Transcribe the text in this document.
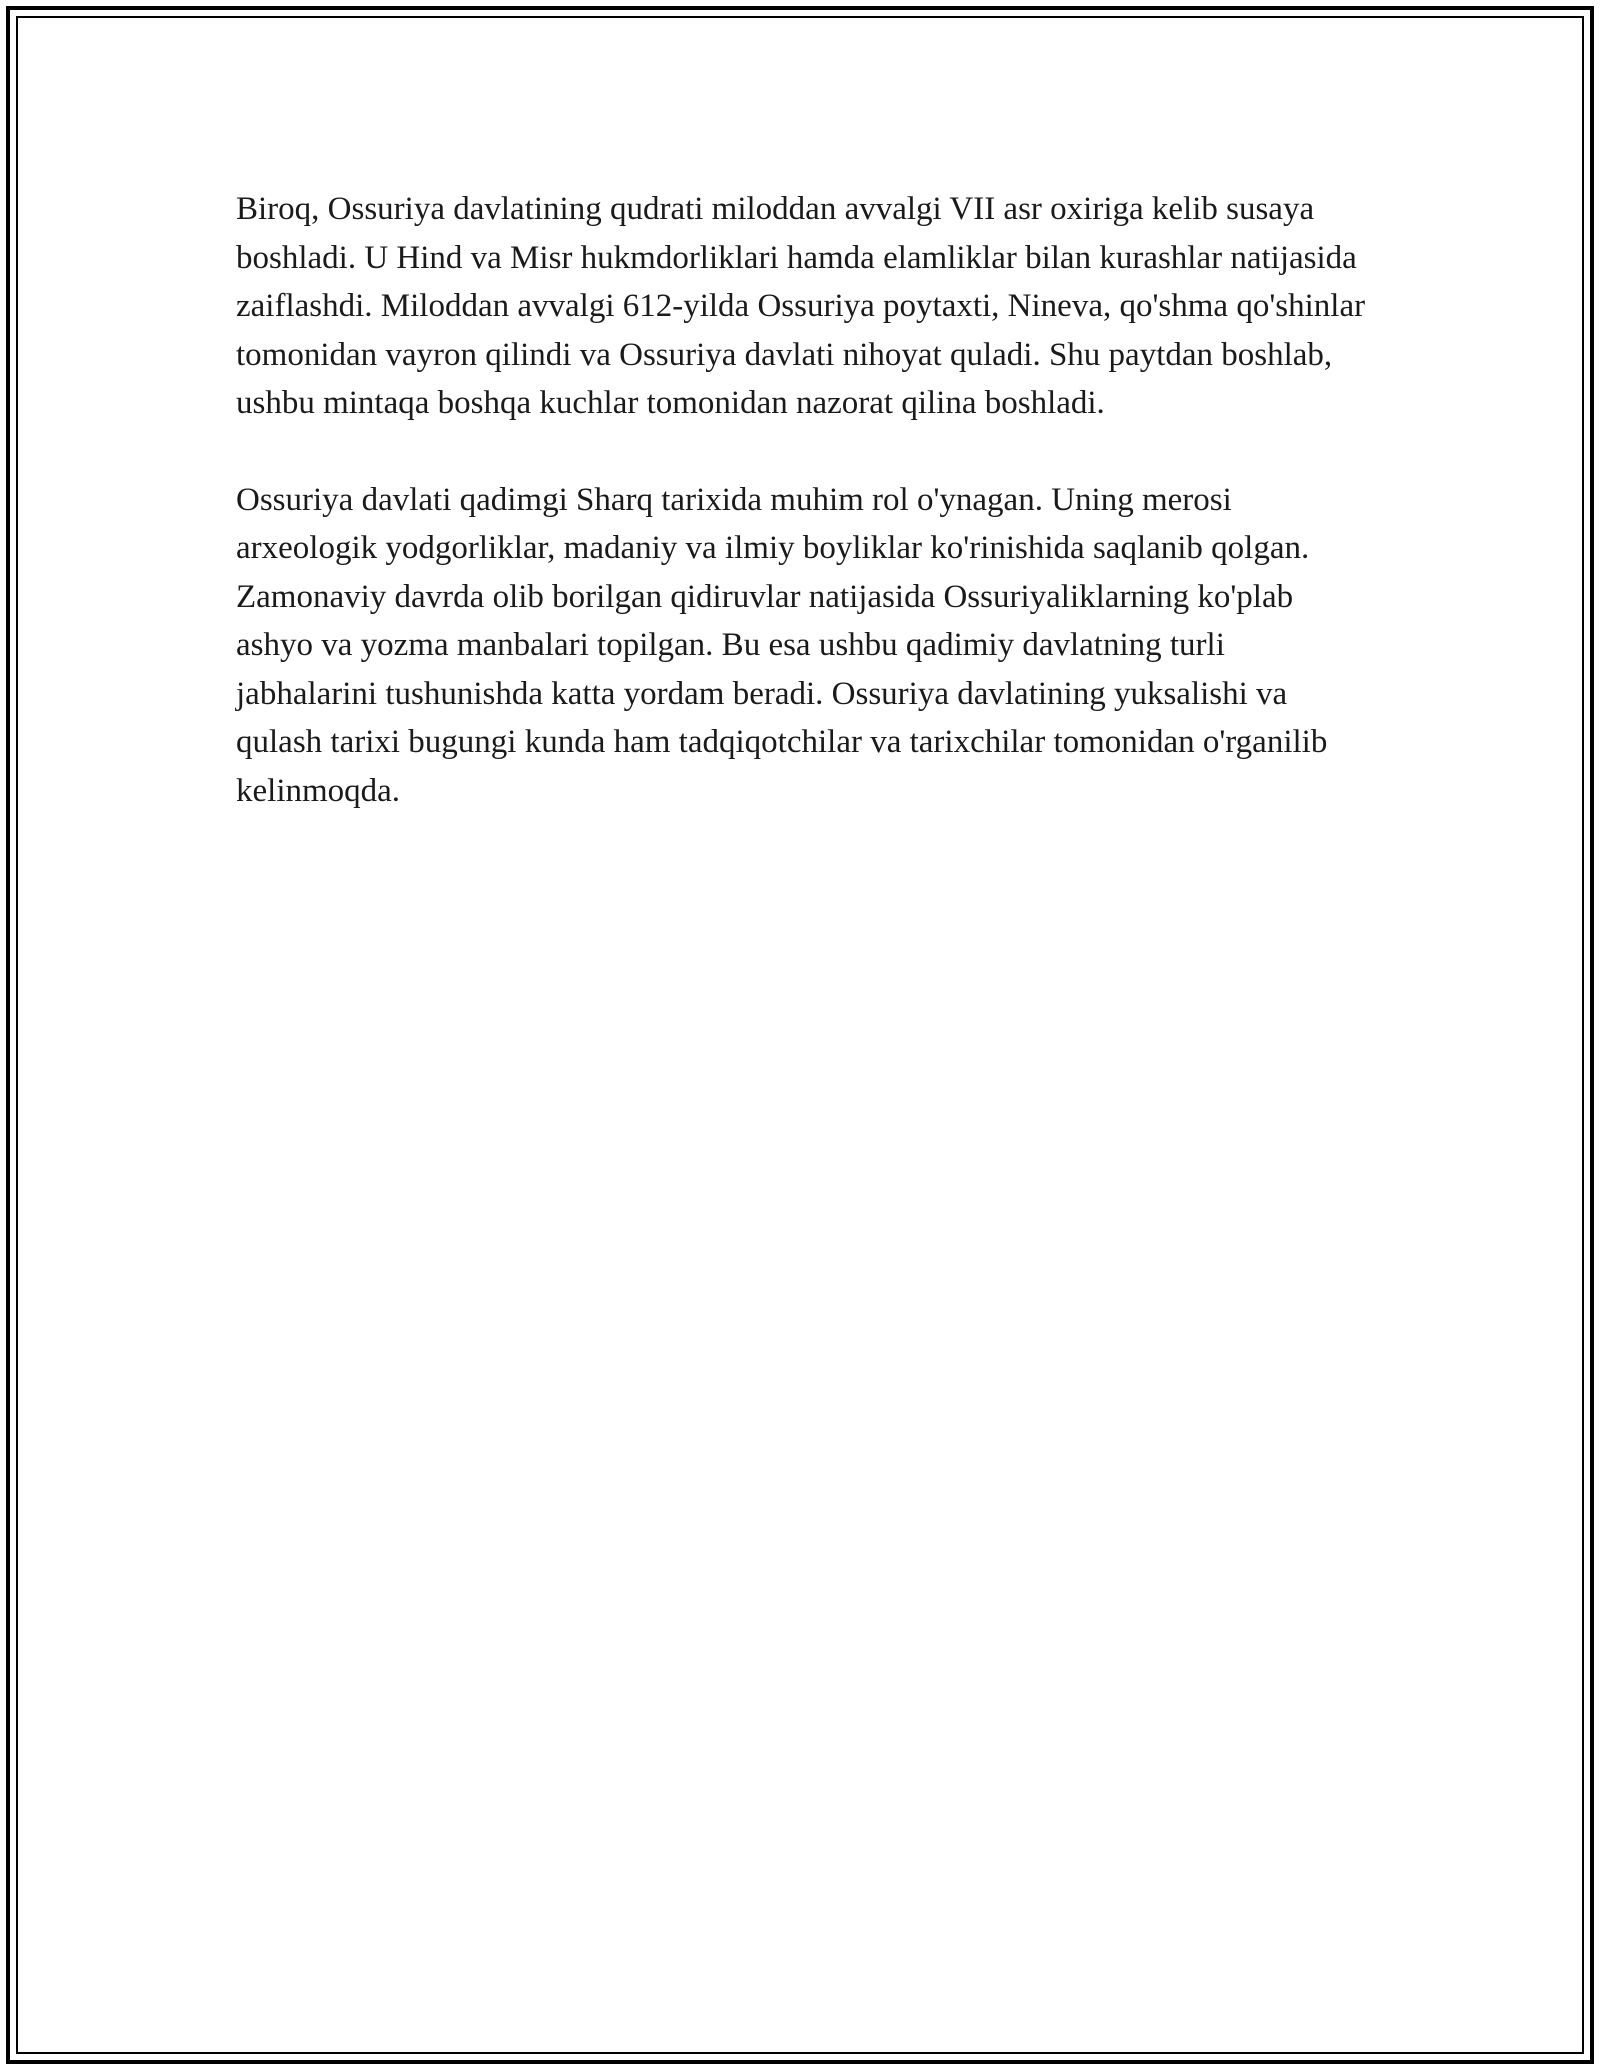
Biroq, Ossuriya davlatining qudrati miloddan avvalgi VII asr oxiriga kelib susaya boshladi. U Hind va Misr hukmdorliklari hamda elamliklar bilan kurashlar natijasida zaiflashdi. Miloddan avvalgi 612-yilda Ossuriya poytaxti, Nineva, qo'shma qo'shinlar tomonidan vayron qilindi va Ossuriya davlati nihoyat quladi. Shu paytdan boshlab, ushbu mintaqa boshqa kuchlar tomonidan nazorat qilina boshladi.

Ossuriya davlati qadimgi Sharq tarixida muhim rol o'ynagan. Uning merosi arxeologik yodgorliklar, madaniy va ilmiy boyliklar ko'rinishida saqlanib qolgan. Zamonaviy davrda olib borilgan qidiruvlar natijasida Ossuriyaliklarning ko'plab ashyo va yozma manbalari topilgan. Bu esa ushbu qadimiy davlatning turli jabhalarini tushunishda katta yordam beradi. Ossuriya davlatining yuksalishi va qulash tarixi bugungi kunda ham tadqiqotchilar va tarixchilar tomonidan o'rganilib kelinmoqda.
